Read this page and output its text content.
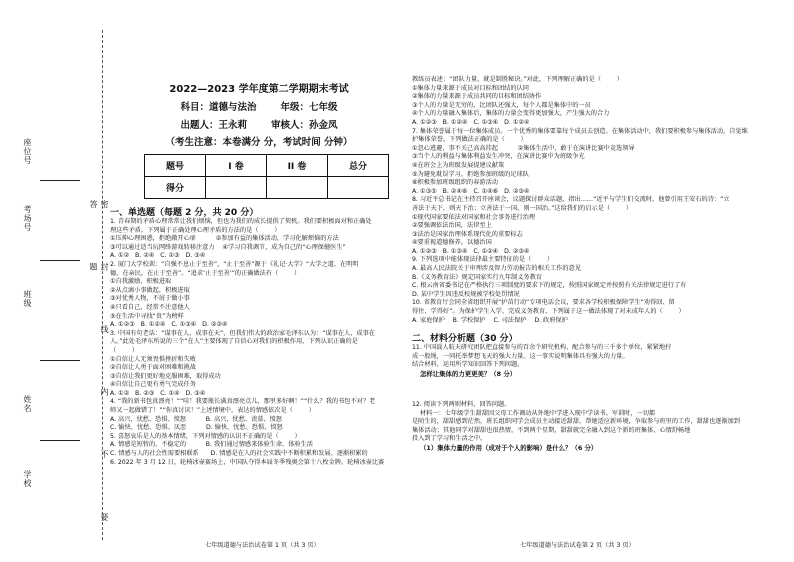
座位号
考场号
班级
姓名
学校	密 封 线 内 不 要 答 题
2022—2023 学年度第二学期期末考试
科目：道德与法治	年级：七年级
出题人：王永莉	审核人：孙金凤
（考生注意：本卷满分 分，考试时间 分钟）
题号	I 卷	II 卷	总分
得分			
一、单选题（每题 2 分，共 20 分）
1. 青春期的矛盾心理常常让我们烦恼，但也为我们的成长提供了契机。我们要积极面对和正确处
理这些矛盾。下列属于正确处理心理矛盾的方法的是（        ）
①压抑心理困惑，拒绝敞开心扉          ②参加有益的集体活动，学习化解烦恼的方法
③可以通过适当玩网络游戏转移注意力    ④学习自我调节，成为自己的“心理保健医生”
A. ①②   B. ②④   C. ①③   D. ③④
2. 厦门大学校训：“自强不息止于至善”，“止于至善”源于《礼记·大学》“大学之道，在明明
德，在亲民，在止于至善”。“追求‘止于至善’”的正确做法有（        ）
①自我激励，积极进取
②从点滴小事做起，积极进取
③对优秀人物，不屑于做小事
④只看自己，经常不注意他人
⑤在生活中寻找“贵”为榜样
A. ①②③   B. ①②④   C. ①③④   D. ②③④
3. 中国有句老话：“谋事在人，成事在天”，但我们伟大的政治家毛泽东认为：“谋事在人，成事在
人。”此处毛泽东所说的三个“在人”主要体现了自信心对我们的积极作用，下列认识正确的是
（        ）
①自信让人无须畏惧挫折和失败
②自信让人勇于面对困难和挑战
③自信让我们更好地克服困难，取得成功
④自信让自己更有勇气完成任务
A. ①②   B. ②③   C. ①④   D. ③④
4. “我的新书包真漂亮！”“哇！我要瓶长满真漂亮点儿，那里多好啊！”“什么？我的书包不对？老
师又一起做错了！”“你真讨厌！”上述情境中，表达的情感依次是（        ）
A. 高兴、忧愁、恐惧、愤怒          B. 高兴、忧愁、羡慕、愤怒
C. 愉快、忧愁、恐惧、厌恶          D. 愉快、忧愁、恐惧、愤怒
5. 喜怒哀乐是人的基本情绪，下列对情感的认识不正确的是（        ）
A. 情感是短暂的、不稳定的          B. 我们通过情感来体验生命、体验生活
C. 情感与人的社会性需要相联系      D. 情感是在人的社会实践中不断积累和发展、逐渐积累的
6. 2022 年 3 月 12 日，轮椅冰壶赛场上，中国队夺得本届冬季残奥会第十八枚金牌。轮椅冰壶比赛
教练员表述：“团队力量，就是制胜秘诀。”对此，下列理解正确的是（        ）
①集体力量来源于成员对目标和团结的认同
②集体的力量来源于成员共同的目标和团结协作
③个人的力量是无穷的，比团队还强大，每个人都是集体中的一员
④个人的力量融入集体后，集体的力量会变得更加强大，产生强大的合力
A. ①②③   B. ①②④   C. ①③④   D. ①②④
7. 集体荣誉属于每一位集体成员。一个优秀的集体要靠每个成员去创造。在集体活动中，我们要积极参与集体活动，自觉维
护集体荣誉。下列做法正确的是（        ）
①忽心逃避，事不关己高高挂起          ②集体生活中，敢于在演讲比赛中竞选领导
③当个人的利益与集体利益发生冲突，在演讲比赛中为班级争光
④在班会上为班级发展提建议献策
⑤为避免耽误学习，拒绝参加班级的足球队
⑥积极参加班级组织的春游活动
A. ①③⑤   B. ②④⑥   C. ①④⑥   D. ②③④
8. 习近平总书记在主持召开座谈会，议题探讨群众话题，指出……“近平与学生们交流时，他曾引用王安石的诗：“立
善法于天下，则天下治；立善法于一国，则一国治。”这给我们的启示是（        ）
①现代国家要依法对国家和社会事务进行治理
②要强调依法治国，法律至上
③法治是国家治理体系现代化的重要标志
④要重视道德修养，以德治国
A. ①②③   B. ①③④   C. ①②④   D. ②③④
9. 下列选项中能体现法律最主要特征的是（        ）
A. 最高人民法院关于审理涉及智力劳动报告的相关工作的意见
B.《义务教育法》规定国家实行九年制义务教育
C. 根云南省委书记在严格执行三项制度的要求下的规定，按照国家规定并按照有关法律规定进行了有
D. 某中学生因违反校规被学校处罚情况
10. 省教育厅会同全省组织开展“护苗行动”专项电话会议，要求各学校积极保障学生“劝得回、留
得住、学得好”。为保护学生入学、完成义务教育，下列属于这一做法体现了对未成年人的（        ）
A. 家庭保护    B. 学校保护    C. 司法保护    D. 政府保护
二、材料分析题（30 分）
11. 中国载人航天研究团队把直接参与的百余个研究机构、配合参与的三千多个单位，紧紧地拧
成一股绳，一同托举梦想飞天的强大力量。这一事实说明集体具有强大的力量。
结合材料，运用所学知识回答下列问题。
怎样让集体的力更更美？（8 分）
12. 阅读下列两则材料，回答问题。
材料一：七年级学生甜甜因父母工作调动从外地中学进入现中学读书。军训时，一切都
是陌生的，甜甜感到茫然，班长组织同学会成员主动接近甜甜，帮她适应新环境，争取参与班里的工作，甜甜也逐渐加到
集体活动；其他同学对甜甜也很热情，不到两个星期，甜甜就完全融入到这个新的班集体，心情舒畅地
投入到了学习和生活之中。
（1）集体力量的作用（成对于个人的影响）是什么？（6 分）
七年级道德与法治试卷第 1 页（共 3 页）	七年级道德与法治试卷第 2 页（共 3 页）
